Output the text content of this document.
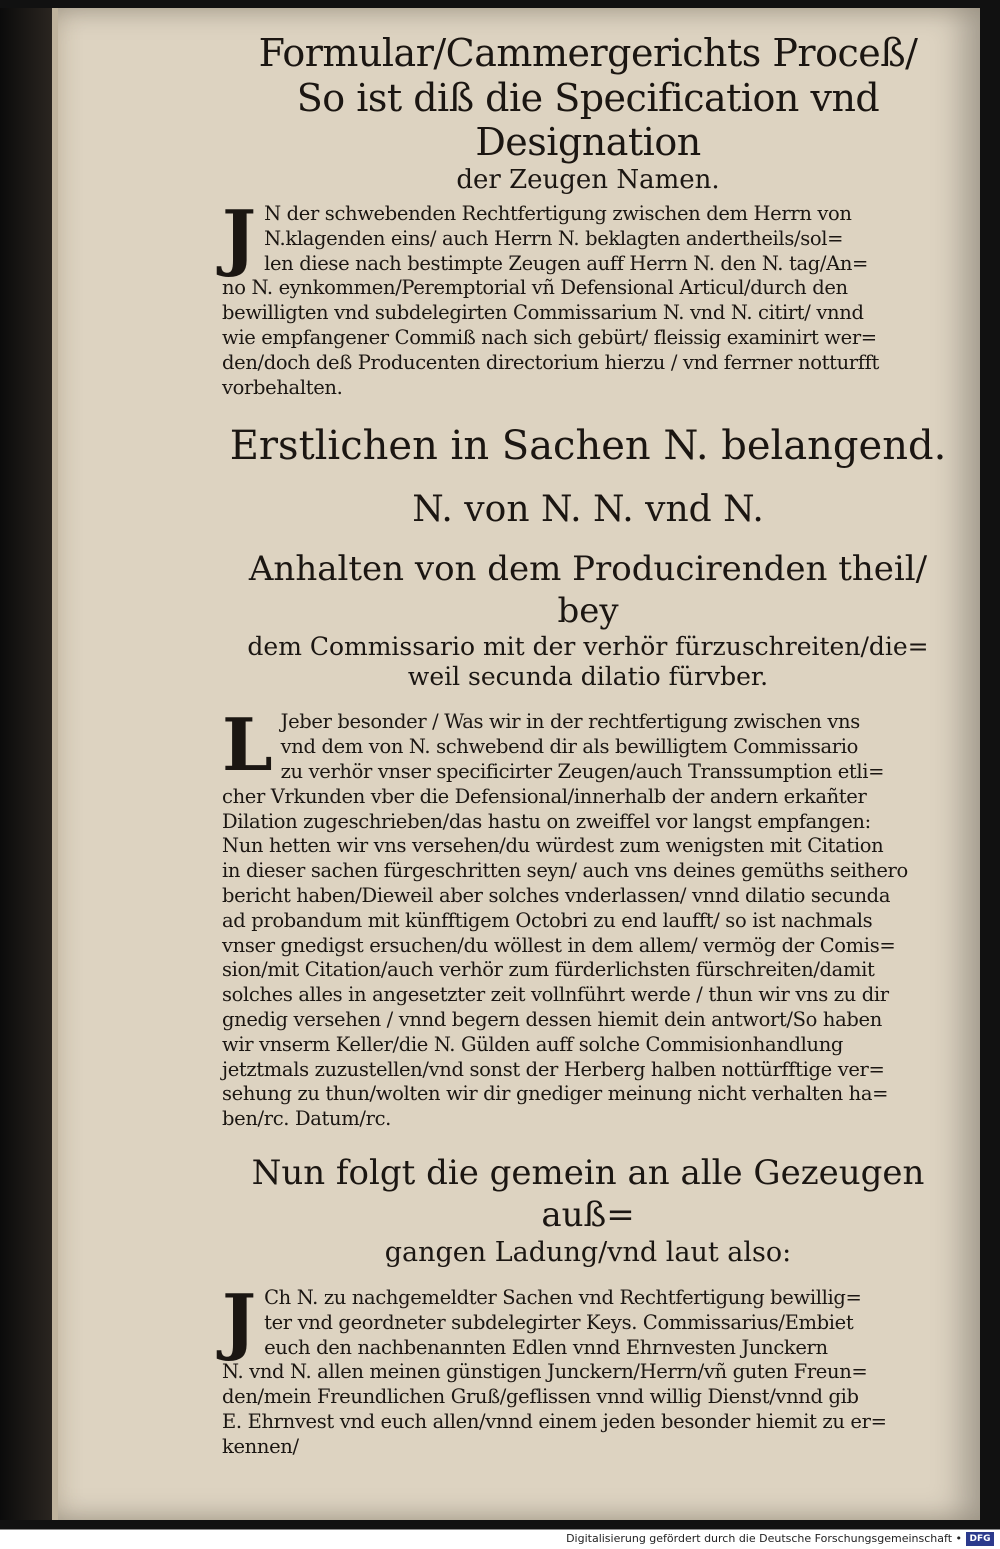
Formular/Cammergerichts Proceß/

So ist diß die Specification vnd Designation

der Zeugen Namen.

J N der schwebenden Rechtfertigung zwischen dem Herrn von
N.klagenden eins/ auch Herrn N. beklagten andertheils/sol=
len diese nach bestimpte Zeugen auff Herrn N. den N. tag/An=
no N. eynkommen/Peremptorial vñ Defensional Articul/durch den
bewilligten vnd subdelegirten Commissarium N. vnd N. citirt/ vnnd
wie empfangener Commiß nach sich gebürt/ fleissig examinirt wer=
den/doch deß Producenten directorium hierzu / vnd ferrner notturfft
vorbehalten.

Erstlichen in Sachen N. belangend.

N. von N. N. vnd N.

Anhalten von dem Producirenden theil/ bey

dem Commissario mit der verhör fürzuschreiten/die=

weil secunda dilatio fürvber.

L Jeber besonder / Was wir in der rechtfertigung zwischen vns
vnd dem von N. schwebend dir als bewilligtem Commissario
zu verhör vnser specificirter Zeugen/auch Transsumption etli=
cher Vrkunden vber die Defensional/innerhalb der andern erkañter
Dilation zugeschrieben/das hastu on zweiffel vor langst empfangen:
Nun hetten wir vns versehen/du würdest zum wenigsten mit Citation
in dieser sachen fürgeschritten seyn/ auch vns deines gemüths seithero
bericht haben/Dieweil aber solches vnderlassen/ vnnd dilatio secunda
ad probandum mit künfftigem Octobri zu end laufft/ so ist nachmals
vnser gnedigst ersuchen/du wöllest in dem allem/ vermög der Comis=
sion/mit Citation/auch verhör zum fürderlichsten fürschreiten/damit
solches alles in angesetzter zeit vollnführt werde / thun wir vns zu dir
gnedig versehen / vnnd begern dessen hiemit dein antwort/So haben
wir vnserm Keller/die N. Gülden auff solche Commisionhandlung
jetztmals zuzustellen/vnd sonst der Herberg halben nottürfftige ver=
sehung zu thun/wolten wir dir gnediger meinung nicht verhalten ha=
ben/rc. Datum/rc.

Nun folgt die gemein an alle Gezeugen auß=

gangen Ladung/vnd laut also:

J Ch N. zu nachgemeldter Sachen vnd Rechtfertigung bewillig=
ter vnd geordneter subdelegirter Keys. Commissarius/Embiet
euch den nachbenannten Edlen vnnd Ehrnvesten Junckern
N. vnd N. allen meinen günstigen Junckern/Herrn/vñ guten Freun=
den/mein Freundlichen Gruß/geflissen vnnd willig Dienst/vnnd gib
E. Ehrnvest vnd euch allen/vnnd einem jeden besonder hiemit zu er=
kennen/

Digitalisierung gefördert durch die Deutsche Forschungsgemeinschaft • DFG
